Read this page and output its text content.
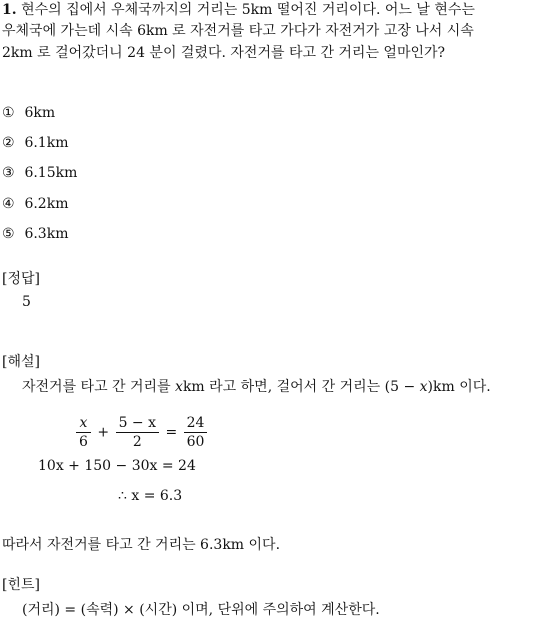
1. 현수의 집에서 우체국까지의 거리는 5km 떨어진 거리이다. 어느 날 현수는
우체국에 가는데 시속 6km 로 자전거를 타고 가다가 자전거가 고장 나서 시속
2km 로 걸어갔더니 24 분이 걸렸다. 자전거를 타고 간 거리는 얼마인가?
① 6km
② 6.1km
③ 6.15km
④ 6.2km
⑤ 6.3km
[정답]
5
[해설]
자전거를 타고 간 거리를 xkm 라고 하면, 걸어서 간 거리는 (5 − x)km 이다.
$\frac{x}{6} + \frac{5 - x}{2} = \frac{24}{60}$
10x + 150 − 30x = 24
∴ x = 6.3
따라서 자전거를 타고 간 거리는 6.3km 이다.
[힌트]
(거리) = (속력) × (시간) 이며, 단위에 주의하여 계산한다.
